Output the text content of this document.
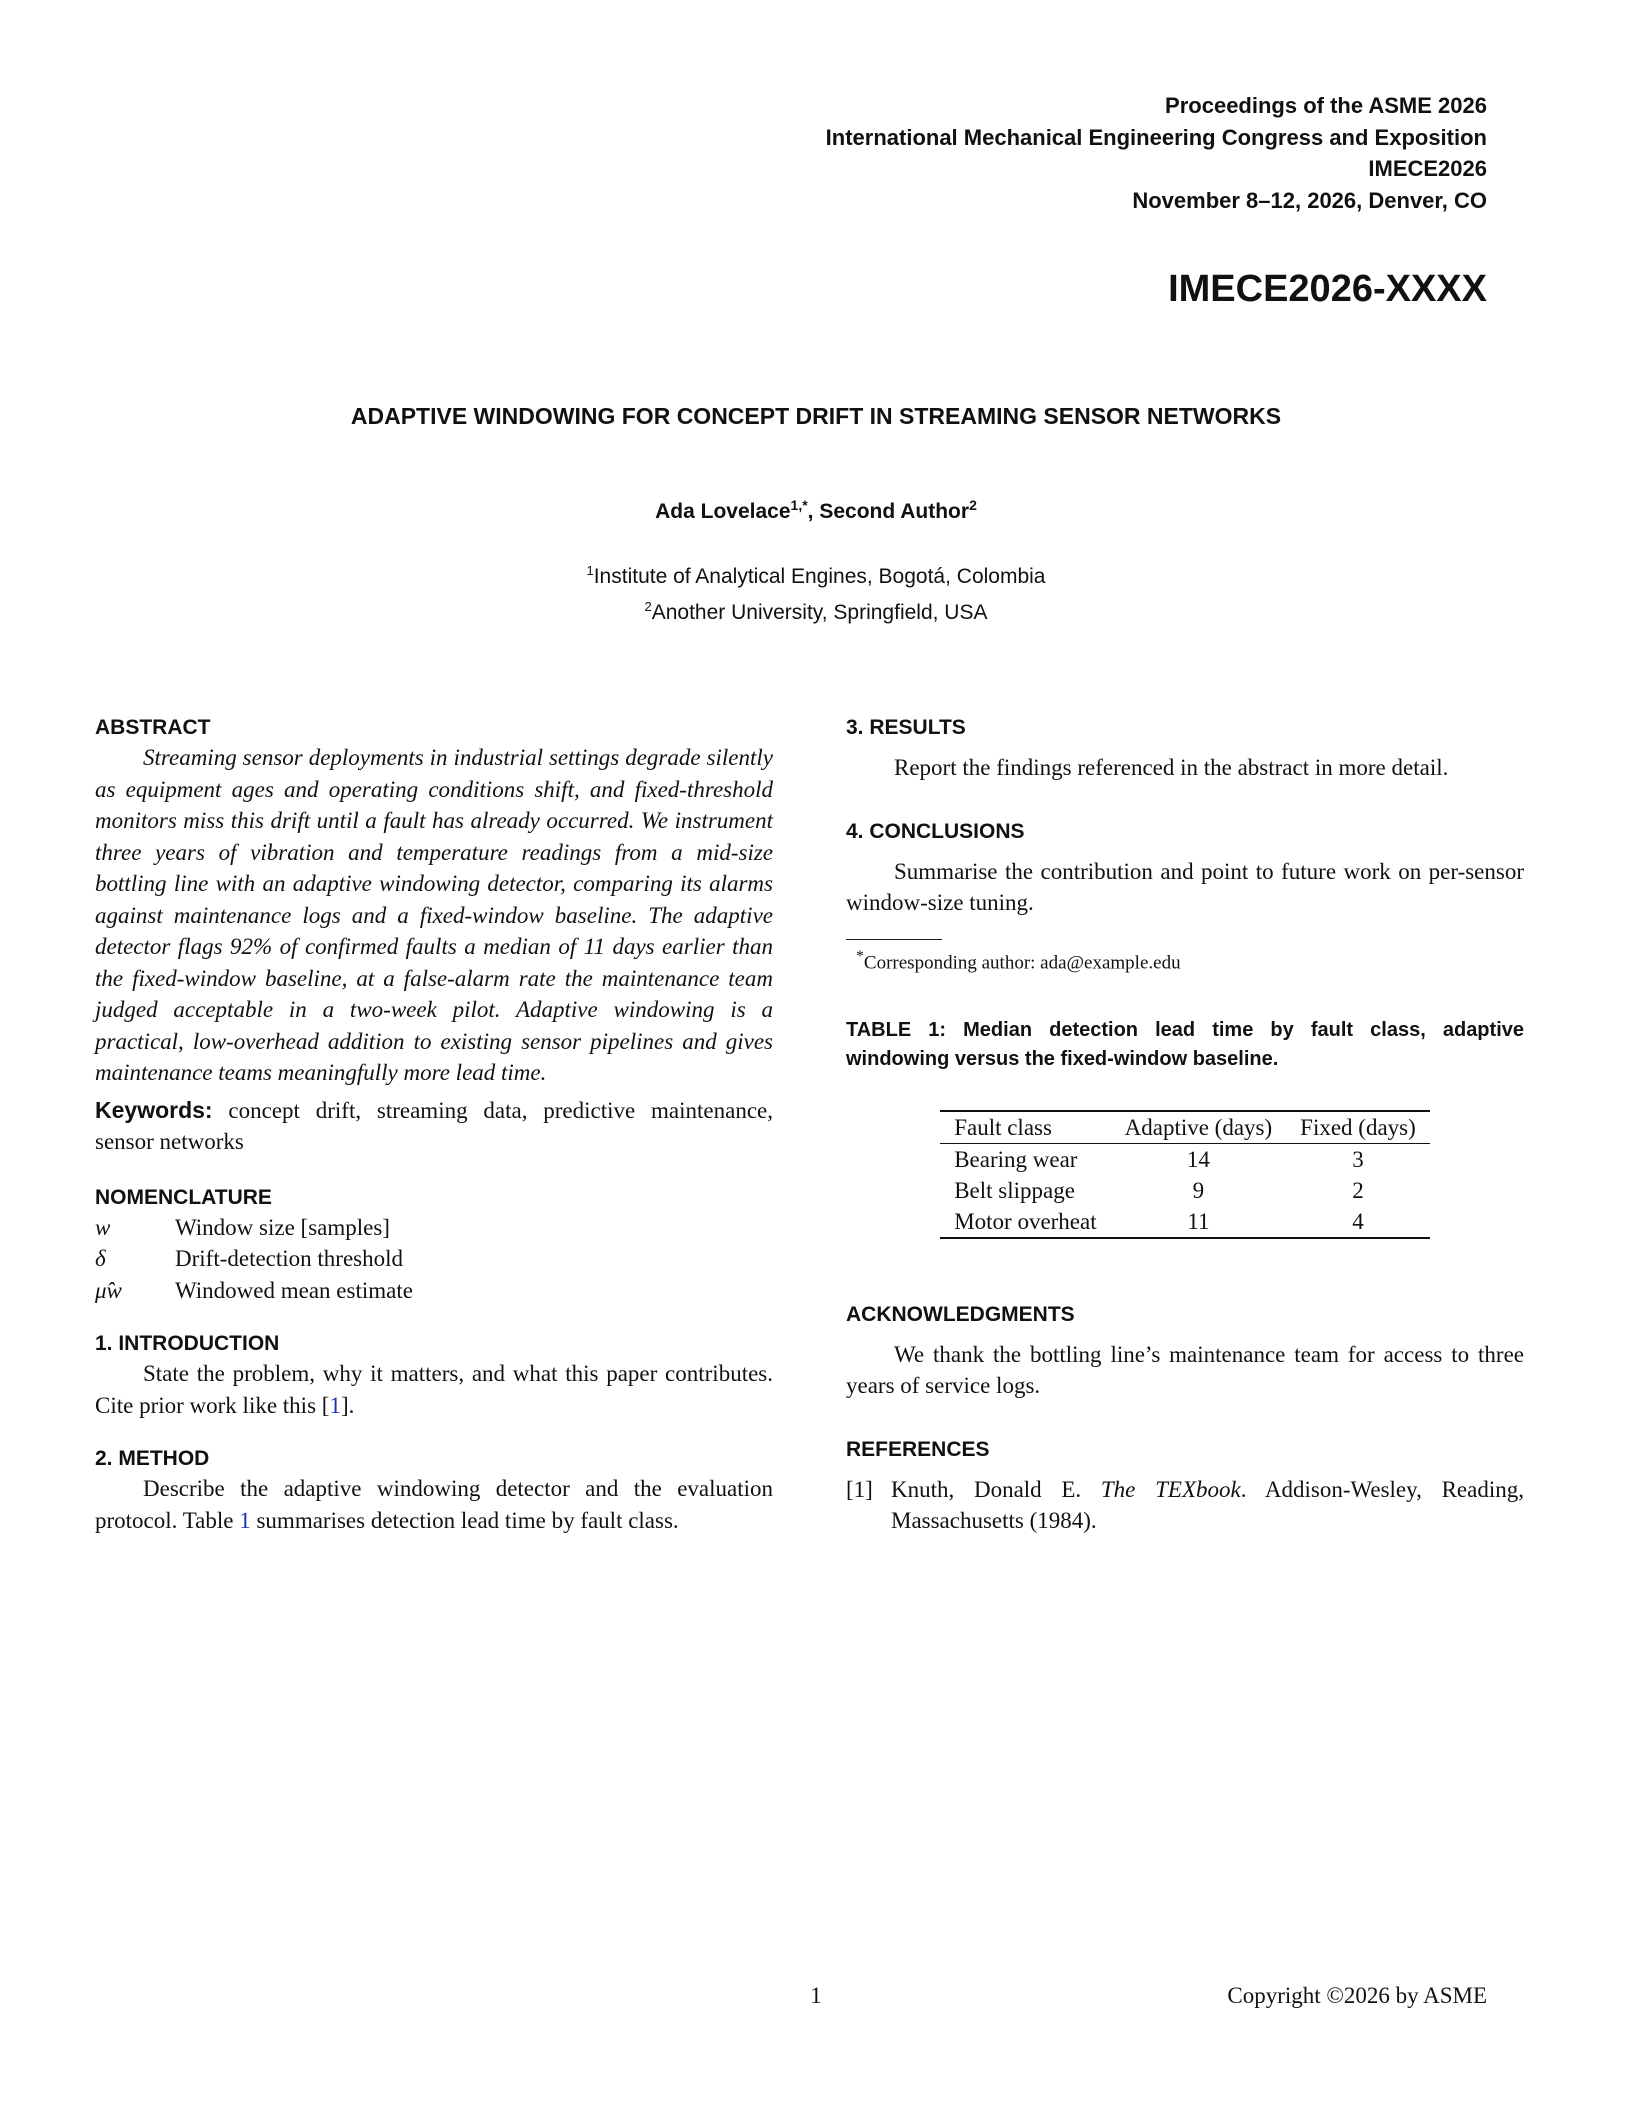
Proceedings of the ASME 2026
International Mechanical Engineering Congress and Exposition
IMECE2026
November 8–12, 2026, Denver, CO
IMECE2026-XXXX
ADAPTIVE WINDOWING FOR CONCEPT DRIFT IN STREAMING SENSOR NETWORKS
Ada Lovelace$^{1,*}$, Second Author$^2$
$^1$Institute of Analytical Engines, Bogotá, Colombia
$^2$Another University, Springfield, USA
ABSTRACT

Streaming sensor deployments in industrial settings degrade silently as equipment ages and operating conditions shift, and fixed-threshold monitors miss this drift until a fault has already occurred. We instrument three years of vibration and temperature readings from a mid-size bottling line with an adaptive windowing detector, comparing its alarms against maintenance logs and a fixed-window baseline. The adaptive detector flags 92% of confirmed faults a median of 11 days earlier than the fixed-window baseline, at a false-alarm rate the maintenance team judged acceptable in a two-week pilot. Adaptive windowing is a practical, low-overhead addition to existing sensor pipelines and gives maintenance teams meaningfully more lead time.

Keywords: concept drift, streaming data, predictive maintenance, sensor networks

NOMENCLATURE
w	Window size [samples]
δ	Drift-detection threshold
μ̂w	Windowed mean estimate
1. INTRODUCTION

State the problem, why it matters, and what this paper contributes. Cite prior work like this [1].

2. METHOD

Describe the adaptive windowing detector and the evaluation protocol. Table 1 summarises detection lead time by fault class.

3. RESULTS

Report the findings referenced in the abstract in more detail.

4. CONCLUSIONS

Summarise the contribution and point to future work on per-sensor window-size tuning.

*Corresponding author: ada@example.edu
TABLE 1: Median detection lead time by fault class, adaptive windowing versus the fixed-window baseline.
Fault class	Adaptive (days)	Fixed (days)
Bearing wear	14	3
Belt slippage	9	2
Motor overheat	11	4
ACKNOWLEDGMENTS

We thank the bottling line’s maintenance team for access to three years of service logs.

REFERENCES
[1] Knuth, Donald E. The TEXbook. Addison-Wesley, Reading, Massachusetts (1984).
1	Copyright ©2026 by ASME
